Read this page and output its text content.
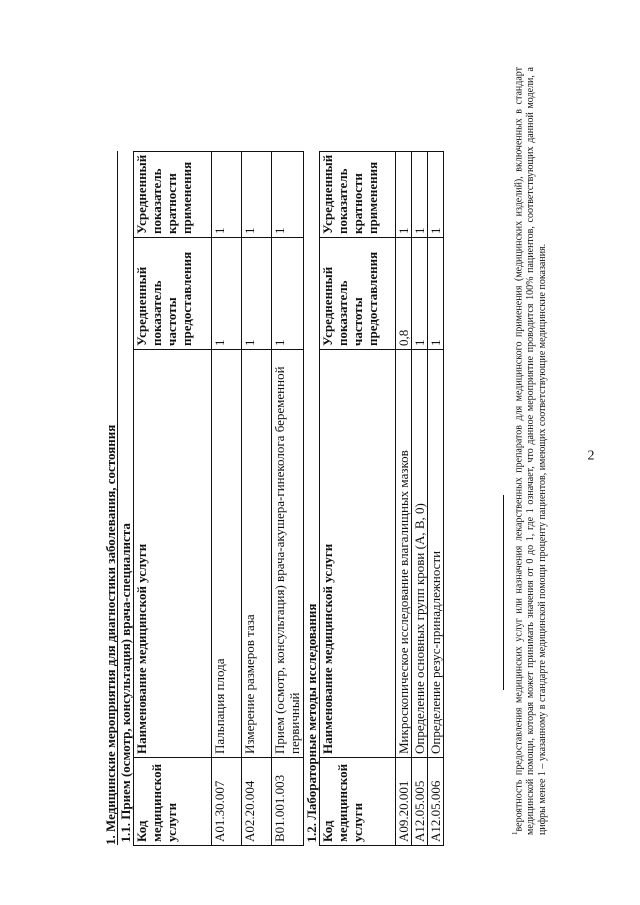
2
1. Медицинские мероприятия для диагностики заболевания, состояния 1.1. Прием (осмотр, консультация) врача-специалиста			
Код медицинской услуги	Наименование медицинской услуги	Усредненный показатель частоты предоставления	Усредненный показатель кратности применения
A01.30.007	Пальпация плода	1	1
A02.20.004	Измерение размеров таза	1	1
B01.001.003	Прием (осмотр, консультация) врача-акушера-гинеколога беременной первичный	1	1
1.2. Лабораторные методы исследования			
Код медицинской услуги	Наименование медицинской услуги	Усредненный показатель частоты предоставления	Усредненный показатель кратности применения
A09.20.001	Микроскопическое исследование влагалищных мазков	0,8	1
A12.05.005	Определение основных групп крови (A, B, 0)	1	1
A12.05.006	Определение резус-принадлежности	1	1
$^1$вероятность предоставления медицинских услуг или назначения лекарственных препаратов для медицинского применения (медицинских изделий), включенных в стандарт медицинской помощи, которая может принимать значения от 0 до 1, где 1 означает, что данное мероприятие проводится 100% пациентов, соответствующих данной модели, а цифры менее 1 – указанному в стандарте медицинской помощи проценту пациентов, имеющих соответствующие медицинские показания.
